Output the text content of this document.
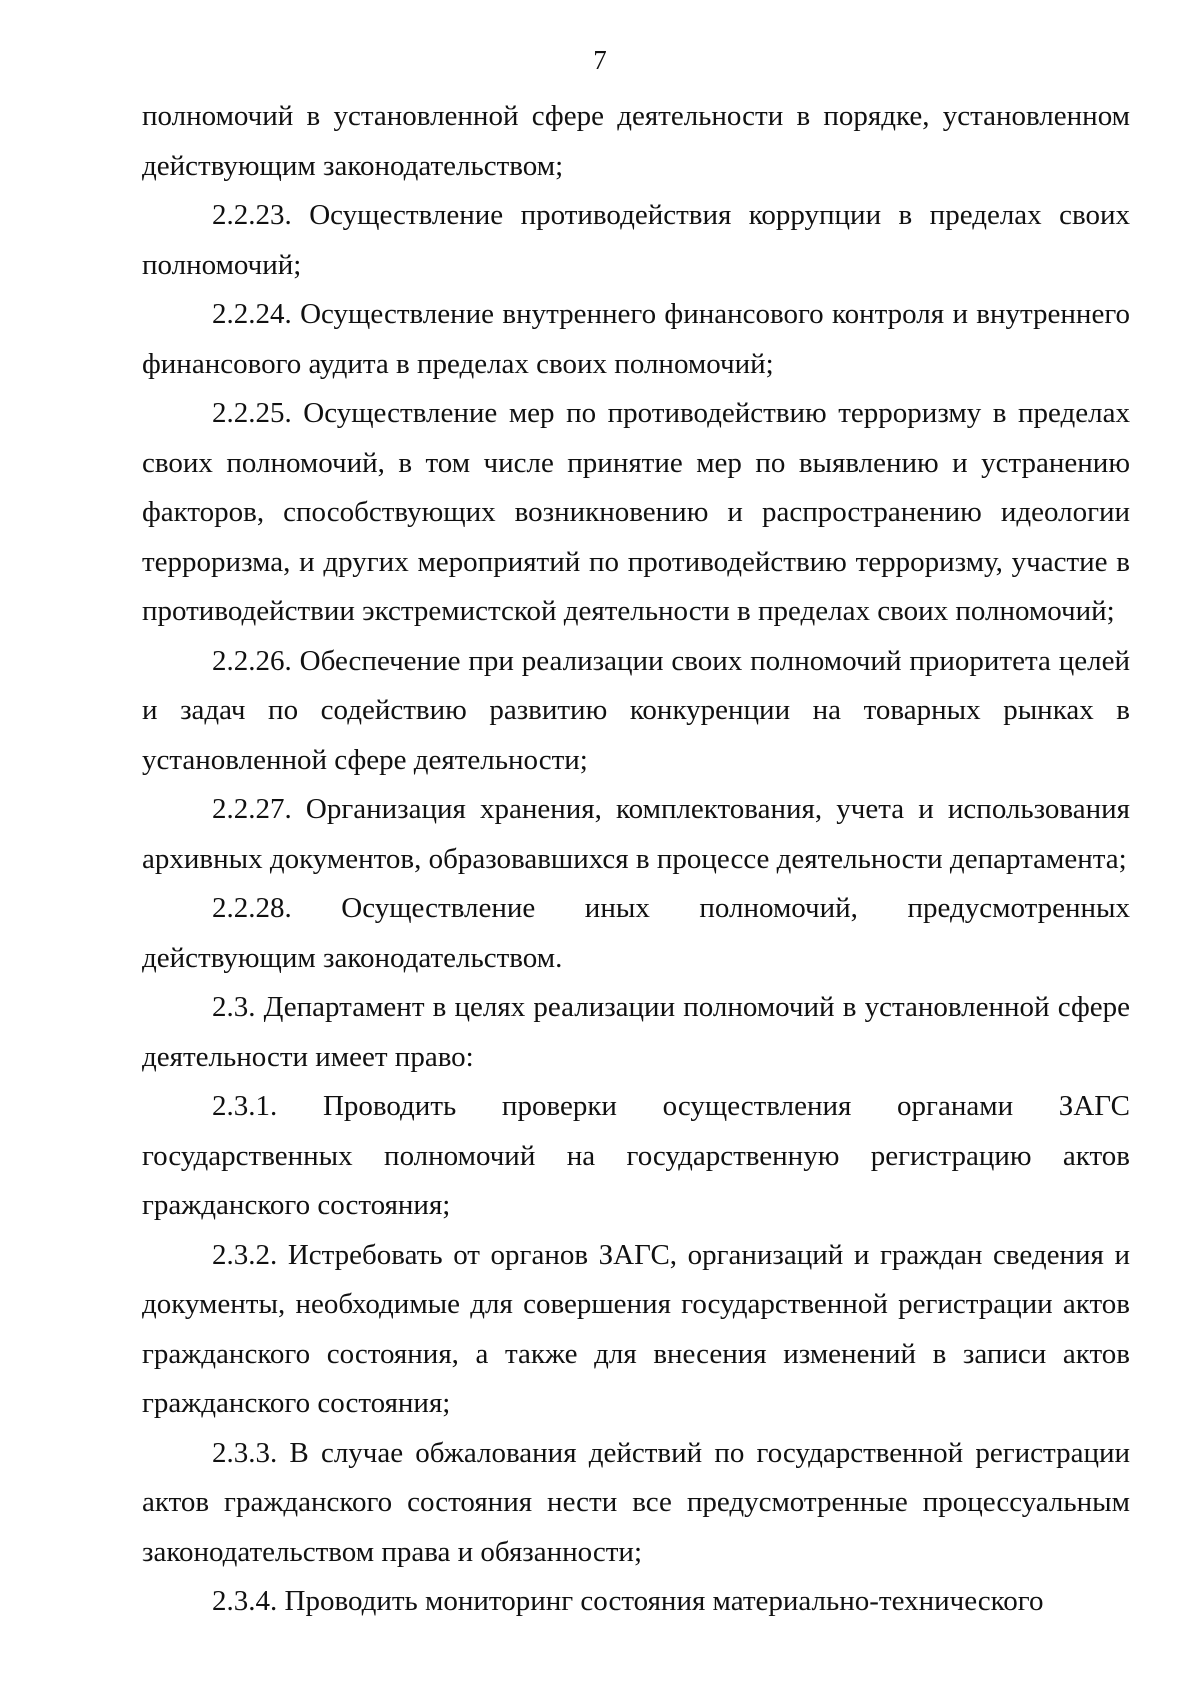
7

полномочий в установленной сфере деятельности в порядке, установленном действующим законодательством;

2.2.23. Осуществление противодействия коррупции в пределах своих полномочий;

2.2.24. Осуществление внутреннего финансового контроля и внутреннего финансового аудита в пределах своих полномочий;

2.2.25. Осуществление мер по противодействию терроризму в пределах своих полномочий, в том числе принятие мер по выявлению и устранению факторов, способствующих возникновению и распространению идеологии терроризма, и других мероприятий по противодействию терроризму, участие в противодействии экстремистской деятельности в пределах своих полномочий;

2.2.26. Обеспечение при реализации своих полномочий приоритета целей и задач по содействию развитию конкуренции на товарных рынках в установленной сфере деятельности;

2.2.27. Организация хранения, комплектования, учета и использования архивных документов, образовавшихся в процессе деятельности департамента;

2.2.28. Осуществление иных полномочий, предусмотренных действующим законодательством.

2.3. Департамент в целях реализации полномочий в установленной сфере деятельности имеет право:

2.3.1. Проводить проверки осуществления органами ЗАГС государственных полномочий на государственную регистрацию актов гражданского состояния;

2.3.2. Истребовать от органов ЗАГС, организаций и граждан сведения и документы, необходимые для совершения государственной регистрации актов гражданского состояния, а также для внесения изменений в записи актов гражданского состояния;

2.3.3. В случае обжалования действий по государственной регистрации актов гражданского состояния нести все предусмотренные процессуальным законодательством права и обязанности;

2.3.4. Проводить мониторинг состояния материально-технического
